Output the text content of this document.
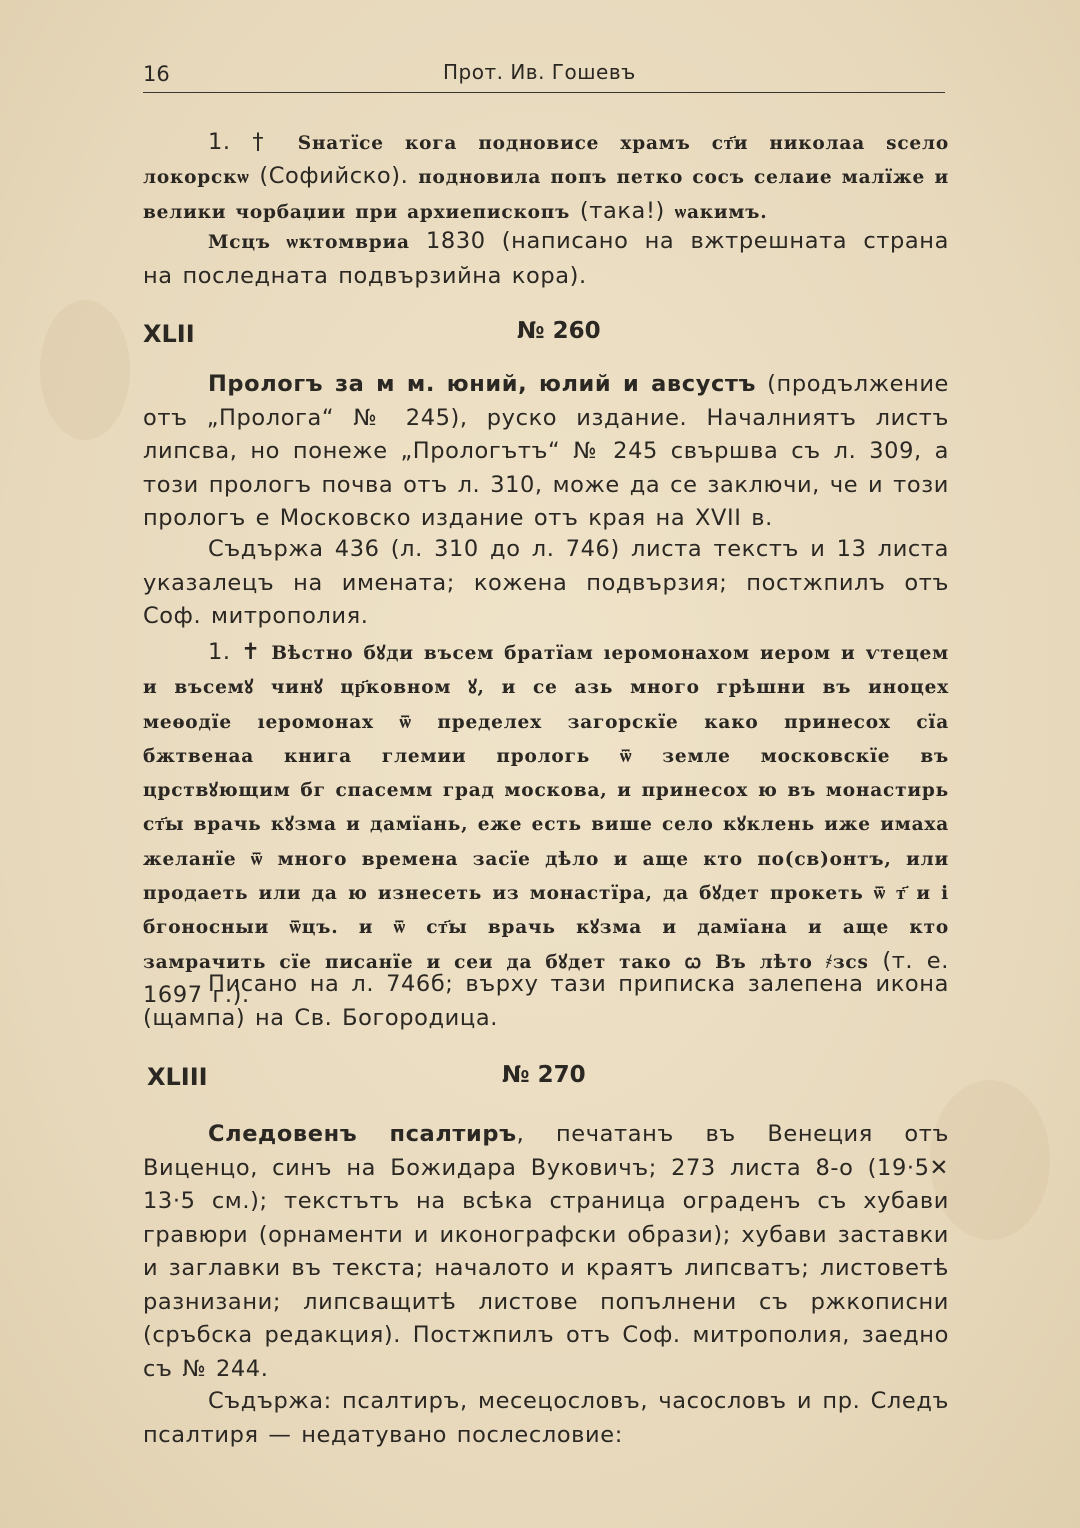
16	Прот. Ив. Гошевъ
1. † Ѕнатїсе кога подновисе храмъ ст҃и николаа ѕсело локорскѡ (Софийско). подновила попъ петко сосъ селаие малїже и велики чорбаџии при архиепископъ (така!) ѡакимъ.
Мсцъ ѡктомвриа 1830 (написано на вжтрешната страна на последната подвързийна кора).
XLII	№ 260
Прологъ за м м. юний, юлий и авсустъ (продължение отъ „Пролога“ № 245), руско издание. Началниятъ листъ липсва, но понеже „Прологътъ“ № 245 свършва съ л. 309, а този прологъ почва отъ л. 310, може да се заключи, че и този прологъ е Московско издание отъ края на XVII в.
Съдържа 436 (л. 310 до л. 746) листа текстъ и 13 листа указалецъ на имената; кожена подвързия; постжпилъ отъ Соф. митрополия.
1. ✝ Вѣстно бꙋди въсем братїам ıеромонахом иером и ѵтецем и въсемꙋ чинꙋ цр҃ковном ꙋ, и се азь много грѣшни въ иноцех меѳодїе ıеромонах ѿ пределех загорскїе како принесох сїа бжтвенаа книга глемии прологь ѿ земле московскїе въ црствꙋющим бг спасемм град москова, и принесох ю въ монастирь ст҃ы врачь кꙋзма и дамїань, еже есть више село кꙋклень иже имаха желанїе ѿ много времена засїе дѣло и аще кто по(св)онтъ, или продаеть или да ю изнесеть из монастїра, да бꙋдет прокеть ѿ т҃ и і бгоносныи ѿцъ. и ѿ ст҃ы врачь кꙋзма и дамїана и аще кто замрачить сїе писанїе и сеи да бꙋдет тако ꙍ Въ лѣто ҂зсѕ (т. е. 1697 г.).
Писано на л. 746б; върху тази приписка залепена икона (щампа) на Св. Богородица.
XLIII	№ 270
Следовенъ псалтиръ, печатанъ въ Венеция отъ Виценцо, синъ на Божидара Вуковичъ; 273 листа 8-о (19·5✕ 13·5 см.); текстътъ на всѣка страница ограденъ съ хубави гравюри (орнаменти и иконографски образи); хубави заставки и заглавки въ текста; началото и краятъ липсватъ; листоветѣ разнизани; липсващитѣ листове попълнени съ ржкописни (сръбска редакция). Постжпилъ отъ Соф. митрополия, заедно съ № 244.
Съдържа: псалтиръ, месецословъ, часословъ и пр. Следъ псалтиря — недатувано послесловие:
